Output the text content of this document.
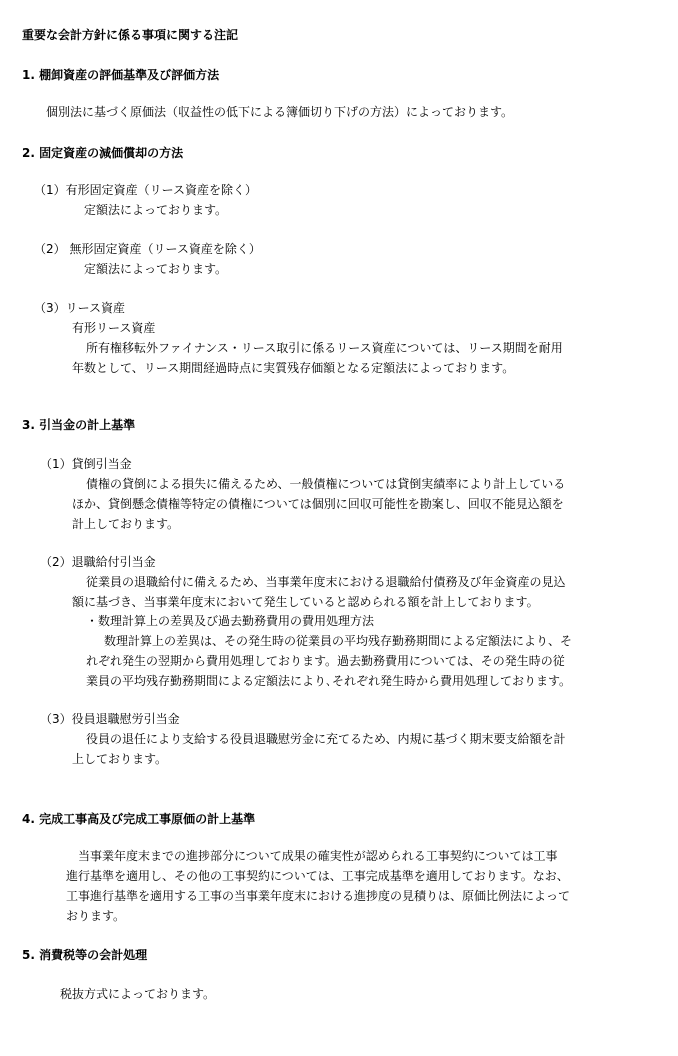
重要な会計方針に係る事項に関する注記
1. 棚卸資産の評価基準及び評価方法
個別法に基づく原価法（収益性の低下による簿価切り下げの方法）によっております。
2. 固定資産の減価償却の方法
（1）有形固定資産（リース資産を除く）
定額法によっております。
（2） 無形固定資産（リース資産を除く）
定額法によっております。
（3）リース資産
有形リース資産
所有権移転外ファイナンス・リース取引に係るリース資産については、リース期間を耐用
年数として、リース期間経過時点に実質残存価額となる定額法によっております。
3. 引当金の計上基準
（1）貸倒引当金
債権の貸倒による損失に備えるため、一般債権については貸倒実績率により計上している
ほか、貸倒懸念債権等特定の債権については個別に回収可能性を勘案し、回収不能見込額を
計上しております。
（2）退職給付引当金
従業員の退職給付に備えるため、当事業年度末における退職給付債務及び年金資産の見込
額に基づき、当事業年度末において発生していると認められる額を計上しております。
・数理計算上の差異及び過去勤務費用の費用処理方法
数理計算上の差異は、その発生時の従業員の平均残存勤務期間による定額法により、そ
れぞれ発生の翌期から費用処理しております。過去勤務費用については、その発生時の従
業員の平均残存勤務期間による定額法により､それぞれ発生時から費用処理しております。
（3）役員退職慰労引当金
役員の退任により支給する役員退職慰労金に充てるため、内規に基づく期末要支給額を計
上しております。
4. 完成工事高及び完成工事原価の計上基準
当事業年度末までの進捗部分について成果の確実性が認められる工事契約については工事
進行基準を適用し、その他の工事契約については、工事完成基準を適用しております。なお、
工事進行基準を適用する工事の当事業年度末における進捗度の見積りは、原価比例法によって
おります。
5. 消費税等の会計処理
税抜方式によっております。
